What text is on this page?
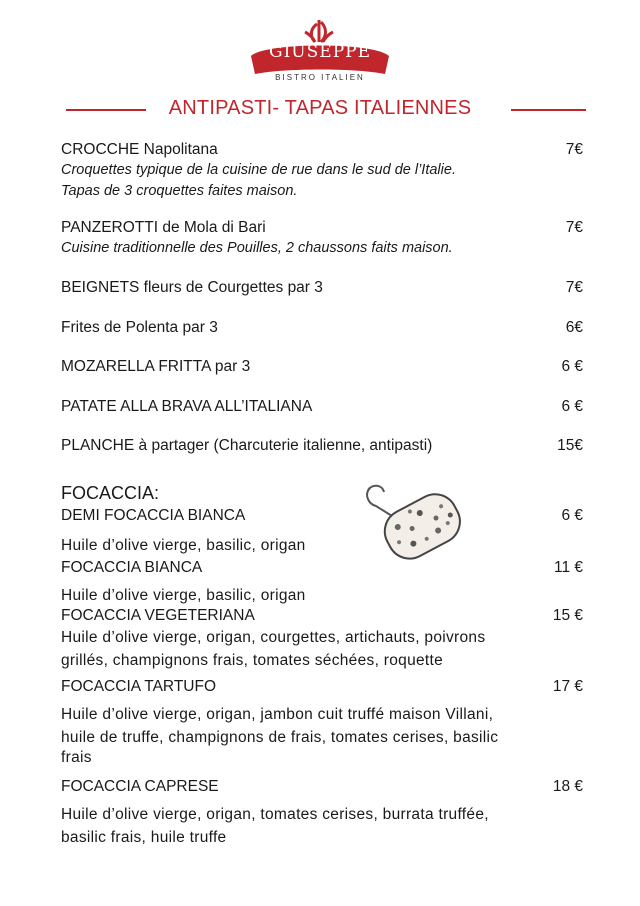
GIUSEPPE
BISTRO ITALIEN
ANTIPASTI- TAPAS ITALIENNES
CROCCHE Napolitana	7€
Croquettes typique de la cuisine de rue dans le sud de l’Italie.
Tapas de 3 croquettes faites maison.
PANZEROTTI de Mola di Bari	7€
Cuisine traditionnelle des Pouilles, 2 chaussons faits maison.
BEIGNETS fleurs de Courgettes par 3	7€
Frites de Polenta par 3	6€
MOZARELLA FRITTA par 3	6 €
PATATE ALLA BRAVA ALL’ITALIANA	6 €
PLANCHE à partager (Charcuterie italienne, antipasti)	15€
FOCACCIA:
DEMI FOCACCIA BIANCA	6 €
Huile d’olive vierge, basilic, origan
FOCACCIA BIANCA	11 €
Huile d’olive vierge, basilic, origan
FOCACCIA VEGETERIANA	15 €
Huile d’olive vierge, origan, courgettes, artichauts, poivrons
grillés, champignons frais, tomates séchées, roquette
FOCACCIA TARTUFO	17 €
Huile d’olive vierge, origan, jambon cuit truffé maison Villani,
huile de truffe, champignons de frais, tomates cerises, basilic
frais
FOCACCIA CAPRESE	18 €
Huile d’olive vierge, origan, tomates cerises, burrata truffée,
basilic frais, huile truffe
